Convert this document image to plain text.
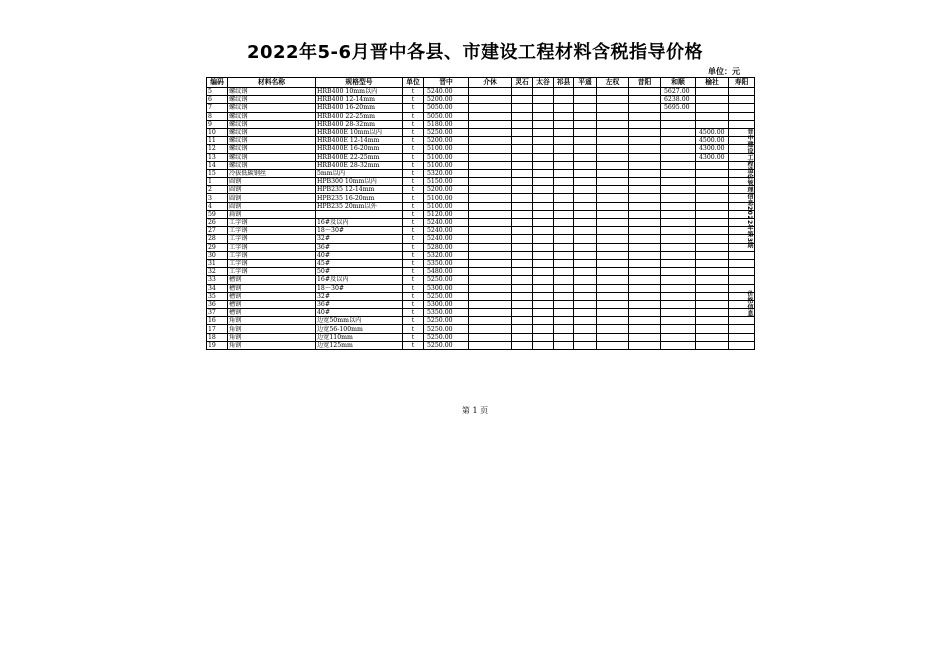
2022年5-6月晋中各县、市建设工程材料含税指导价格
单位：元
编码	材料名称	规格型号	单位	晋中	介休	灵石	太谷	祁县	平遥	左权	昔阳	和顺	榆社	寿阳
5	螺纹钢	HRB400 10mm以内	t	5240.00								5627.00		
6	螺纹钢	HRB400 12-14mm	t	5200.00								6238.00		
7	螺纹钢	HRB400 16-20mm	t	5050.00								5695.00		
8	螺纹钢	HRB400 22-25mm	t	5050.00										
9	螺纹钢	HRB400 28-32mm	t	5180.00										
10	螺纹钢	HRB400E 10mm以内	t	5250.00									4500.00	
11	螺纹钢	HRB400E 12-14mm	t	5200.00									4500.00	
12	螺纹钢	HRB400E 16-20mm	t	5100.00									4300.00	
13	螺纹钢	HRB400E 22-25mm	t	5100.00									4300.00	
14	螺纹钢	HRB400E 28-32mm	t	5100.00										
15	冷拔低碳钢丝	5mm以内	t	5320.00										
1	圆钢	HPB300 10mm以内	t	5150.00										
2	圆钢	HPB235 12-14mm	t	5200.00										
3	圆钢	HPB235 16-20mm	t	5100.00										
4	圆钢	HPB235 20mm以外	t	5100.00										
59	扁钢		t	5120.00										
26	工字钢	16#及以内	t	5240.00										
27	工字钢	18～30#	t	5240.00										
28	工字钢	32#	t	5240.00										
29	工字钢	36#	t	5280.00										
30	工字钢	40#	t	5320.00										
31	工字钢	45#	t	5350.00										
32	工字钢	50#	t	5480.00										
33	槽钢	16#及以内	t	5250.00										
34	槽钢	18～30#	t	5300.00										
35	槽钢	32#	t	5250.00										
36	槽钢	36#	t	5300.00										
37	槽钢	40#	t	5350.00										
16	角钢	边宽50mm以内	t	5250.00										
17	角钢	边宽56-100mm	t	5250.00										
18	角钢	边宽110mm	t	5250.00										
19	角钢	边宽125mm	t	5250.00										
晋中建设工程造价管理信息2022年第3期价格信息
第 1 页
